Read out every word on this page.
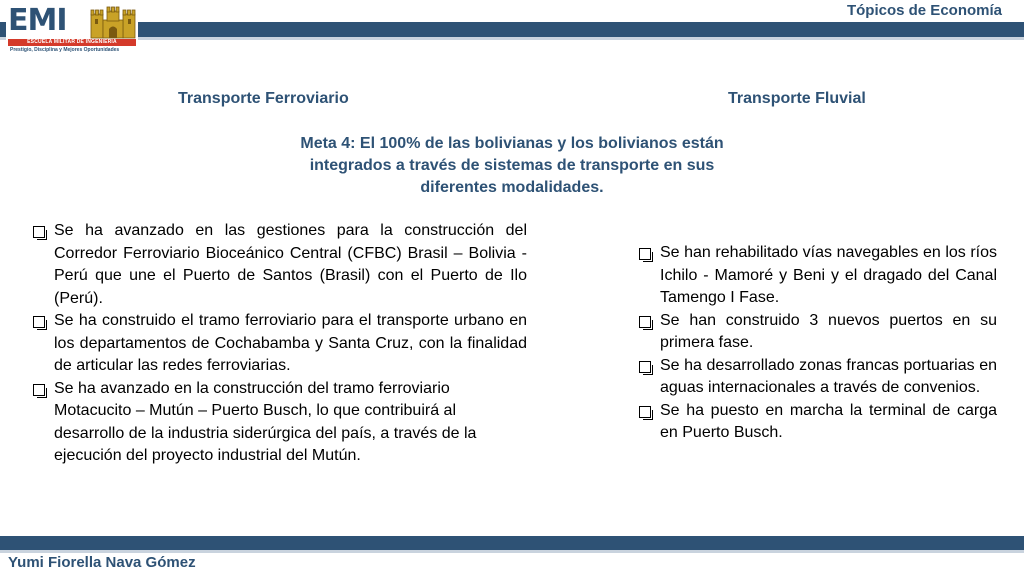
Tópicos de Economía
EMI
ESCUELA MILITAR DE INGENIERIA
Prestigio, Disciplina y Mejores Oportunidades
Transporte Ferroviario	Transporte Fluvial
Meta 4: El 100% de las bolivianas y los bolivianos están integrados a través de sistemas de transporte en sus diferentes modalidades.
Se ha avanzado en las gestiones para la construcción del Corredor Ferroviario Bioceánico Central (CFBC) Brasil – Bolivia - Perú que une el Puerto de Santos (Brasil) con el Puerto de Ilo (Perú).
Se ha construido el tramo ferroviario para el transporte urbano en los departamentos de Cochabamba y Santa Cruz, con la finalidad de articular las redes ferroviarias.
Se ha avanzado en la construcción del tramo ferroviario Motacucito – Mutún – Puerto Busch, lo que contribuirá al desarrollo de la industria siderúrgica del país, a través de la ejecución del proyecto industrial del Mutún.
Se han rehabilitado vías navegables en los ríos Ichilo - Mamoré y Beni y el dragado del Canal Tamengo I Fase.
Se han construido 3 nuevos puertos en su primera fase.
Se ha desarrollado zonas francas portuarias en aguas internacionales a través de convenios.
Se ha puesto en marcha la terminal de carga en Puerto Busch.
Yumi Fiorella Nava Gómez
